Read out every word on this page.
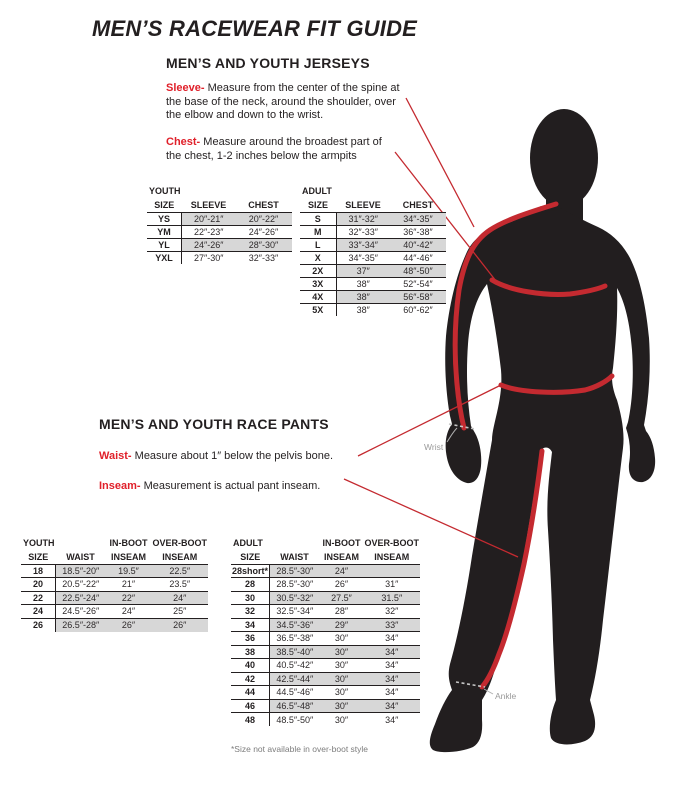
Wrist
Ankle
MEN’S RACEWEAR FIT GUIDE
MEN’S AND YOUTH JERSEYS
Sleeve- Measure from the center of the spine at the base of the neck, around the shoulder, over the elbow and down to the wrist.
Chest- Measure around the broadest part of the chest, 1-2 inches below the armpits
YOUTH		
SIZE	SLEEVE	CHEST
YS	20″-21″	20″-22″
YM	22″-23″	24″-26″
YL	24″-26″	28″-30″
YXL	27″-30″	32″-33″
ADULT		
SIZE	SLEEVE	CHEST
S	31″-32″	34″-35″
M	32″-33″	36″-38″
L	33″-34″	40″-42″
X	34″-35″	44″-46″
2X	37″	48″-50″
3X	38″	52″-54″
4X	38″	56″-58″
5X	38″	60″-62″
MEN’S AND YOUTH RACE PANTS
Waist- Measure about 1″ below the pelvis bone.
Inseam- Measurement is actual pant inseam.
YOUTH		IN-BOOT	OVER-BOOT
SIZE	WAIST	INSEAM	INSEAM
18	18.5″-20″	19.5″	22.5″
20	20.5″-22″	21″	23.5″
22	22.5″-24″	22″	24″
24	24.5″-26″	24″	25″
26	26.5″-28″	26″	26″
ADULT		IN-BOOT	OVER-BOOT
SIZE	WAIST	INSEAM	INSEAM
28short*	28.5″-30″	24″	
28	28.5″-30″	26″	31″
30	30.5″-32″	27.5″	31.5″
32	32.5″-34″	28″	32″
34	34.5″-36″	29″	33″
36	36.5″-38″	30″	34″
38	38.5″-40″	30″	34″
40	40.5″-42″	30″	34″
42	42.5″-44″	30″	34″
44	44.5″-46″	30″	34″
46	46.5″-48″	30″	34″
48	48.5″-50″	30″	34″
*Size not available in over-boot style
